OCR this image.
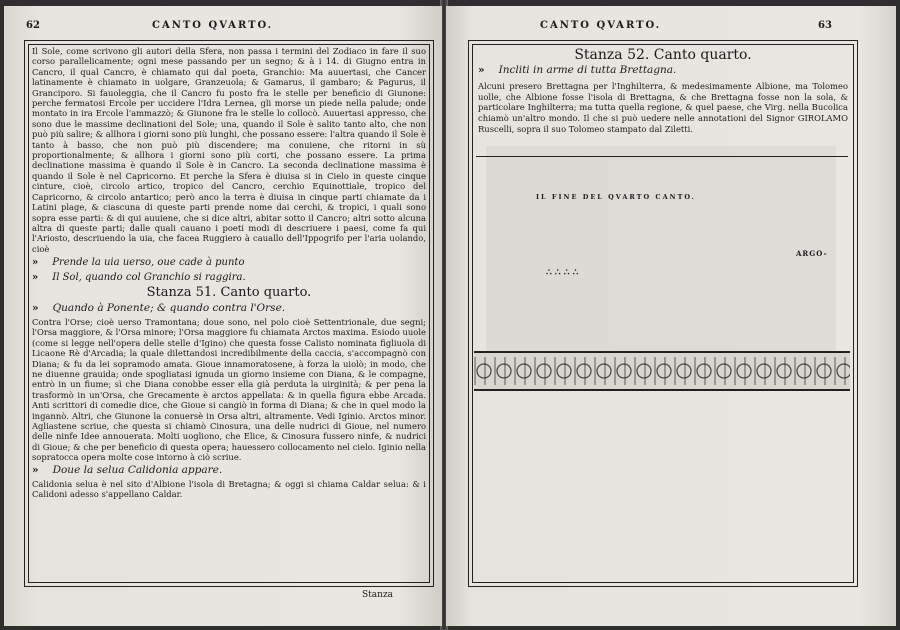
62	CANTO QVARTO.

Il Sole, come scrivono gli autori della Sfera, non passa i termini del Zodiaco in fare il suo corso parallelicamente; ogni mese passando per un segno; & à i 14. di Giugno entra in Cancro, il qual Cancro, è chiamato qui dal poeta, Granchio: Ma auuertasi, che Cancer latinamente è chiamato in uolgare, Granzeuola; & Gamarus, il gambaro; & Pagurus, il Granciporo. Si fauoleggia, che il Cancro fu posto fra le stelle per beneficio di Giunone: perche fermatosi Ercole per uccidere l'Idra Lernea, gli morse un piede nella palude; onde montato in ira Ercole l'ammazzò; & Giunone fra le stelle lo collocò. Auuertasi appresso, che sono due le massime declinationi del Sole; una, quando il Sole è salito tanto alto, che non può più salire; & allhora i giorni sono più lunghi, che possano essere: l'altra quando il Sole è tanto à basso, che non può più discendere; ma conuiene, che ritorni in sù proportionalmente; & allhora i giorni sono più corti, che possano essere. La prima declinatione massima è quando il Sole è in Cancro. La seconda declinatione massima è quando il Sole è nel Capricorno. Et perche la Sfera è diuisa si in Cielo in queste cinque cinture, cioè, circolo artico, tropico del Cancro, cerchio Equinottiale, tropico del Capricorno, & circolo antartico; però anco la terra è diuisa in cinque parti chiamate da i Latini plage, & ciascuna di queste parti prende nome dai cerchi, & tropici, i quali sono sopra esse parti: & di qui auuiene, che si dice altri, abitar sotto il Cancro; altri sotto alcuna altra di queste parti; dalle quali cauano i poeti modi di descriuere i paesi, come fa qui l'Ariosto, descriuendo la uia, che facea Ruggiero à cauallo dell'Ippogrifo per l'aria uolando, cioè

» Prende la uia uerso, oue cade à punto
» Il Sol, quando col Granchio si raggira.
Stanza 51. Canto quarto.
» Quando à Ponente; & quando contra l'Orse.

Contra l'Orse; cioè uerso Tramontana; doue sono, nel polo cioè Settentrionale, due segni; l'Orsa maggiore, & l'Orsa minore; l'Orsa maggiore fu chiamata Arctos maxima. Esiodo uuole (come si legge nell'opera delle stelle d'Igino) che questa fosse Calisto nominata figliuola di Licaone Rè d'Arcadia; la quale dilettandosi incredibilmente della caccia, s'accompagnò con Diana; & fu da lei sopramodo amata. Gioue innamoratosene, à forza la uiolò; in modo, che ne diuenne grauida; onde spogliatasi ignuda un giorno insieme con Diana, & le compagne, entrò in un fiume; sì che Diana conobbe esser ella già perduta la uirginità; & per pena la trasformò in un'Orsa, che Grecamente è arctos appellata: & in quella figura ebbe Arcada. Anti scrittori di comedie dice, che Gioue si cangiò in forma di Diana; & che in quel modo la ingannò. Altri, che Giunone la conuersè in Orsa altri, altramente. Vedi Iginio. Arctos minor. Agliastene scriue, che questa si chiamò Cinosura, una delle nudrici di Gioue, nel numero delle ninfe Idee annouerata. Molti uogliono, che Elice, & Cinosura fussero ninfe, & nudrici di Gioue; & che per beneficio di questa opera; hauessero collocamento nel cielo. Iginio nella sopratocca opera molte cose intorno à ciò scriue.

» Doue la selua Calidonia appare.

Calidonia selua è nel sito d'Albione l'isola di Bretagna; & oggi si chiama Caldar selua: & i Calidoni adesso s'appellano Caldar.

Stanza
CANTO QVARTO.	63
Stanza 52. Canto quarto.
» Incliti in arme di tutta Brettagna.

Alcuni presero Brettagna per l'Inghilterra, & medesimamente Albione, ma Tolomeo uolle, che Albione fosse l'isola di Brettagna, & che Brettagna fosse non la sola, & particolare Inghilterra; ma tutta quella regione, & quel paese, che Virg. nella Bucolica chiamò un'altro mondo. Il che si può uedere nelle annotationi del Signor GIROLAMO Ruscelli, sopra il suo Tolomeo stampato dal Ziletti.

IL FINE DEL QVARTO CANTO.
ARGO-
∴ ∴ ∴ ∴
